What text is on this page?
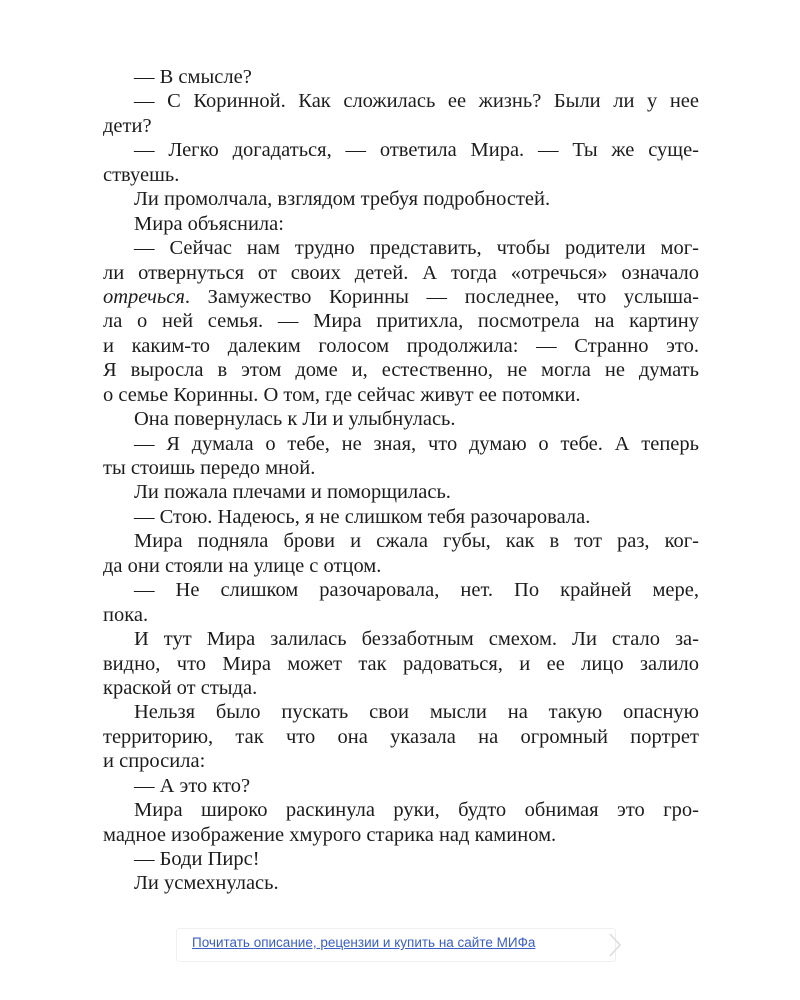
— В смысле?
— С Коринной. Как сложилась ее жизнь? Были ли у нее
дети?
— Легко догадаться, — ответила Мира. — Ты же суще-
ствуешь.
Ли промолчала, взглядом требуя подробностей.
Мира объяснила:
— Сейчас нам трудно представить, чтобы родители мог-
ли отвернуться от своих детей. А тогда «отречься» означало
отречься. Замужество Коринны — последнее, что услыша-
ла о ней семья. — Мира притихла, посмотрела на картину
и каким-то далеким голосом продолжила: — Странно это.
Я выросла в этом доме и, естественно, не могла не думать
о семье Коринны. О том, где сейчас живут ее потомки.
Она повернулась к Ли и улыбнулась.
— Я думала о тебе, не зная, что думаю о тебе. А теперь
ты стоишь передо мной.
Ли пожала плечами и поморщилась.
— Стою. Надеюсь, я не слишком тебя разочаровала.
Мира подняла брови и сжала губы, как в тот раз, ког-
да они стояли на улице с отцом.
— Не слишком разочаровала, нет. По крайней мере,
пока.
И тут Мира залилась беззаботным смехом. Ли стало за-
видно, что Мира может так радоваться, и ее лицо залило
краской от стыда.
Нельзя было пускать свои мысли на такую опасную
территорию, так что она указала на огромный портрет
и спросила:
— А это кто?
Мира широко раскинула руки, будто обнимая это гро-
мадное изображение хмурого старика над камином.
— Боди Пирс!
Ли усмехнулась.
Почитать описание, рецензии и купить на сайте МИФа
